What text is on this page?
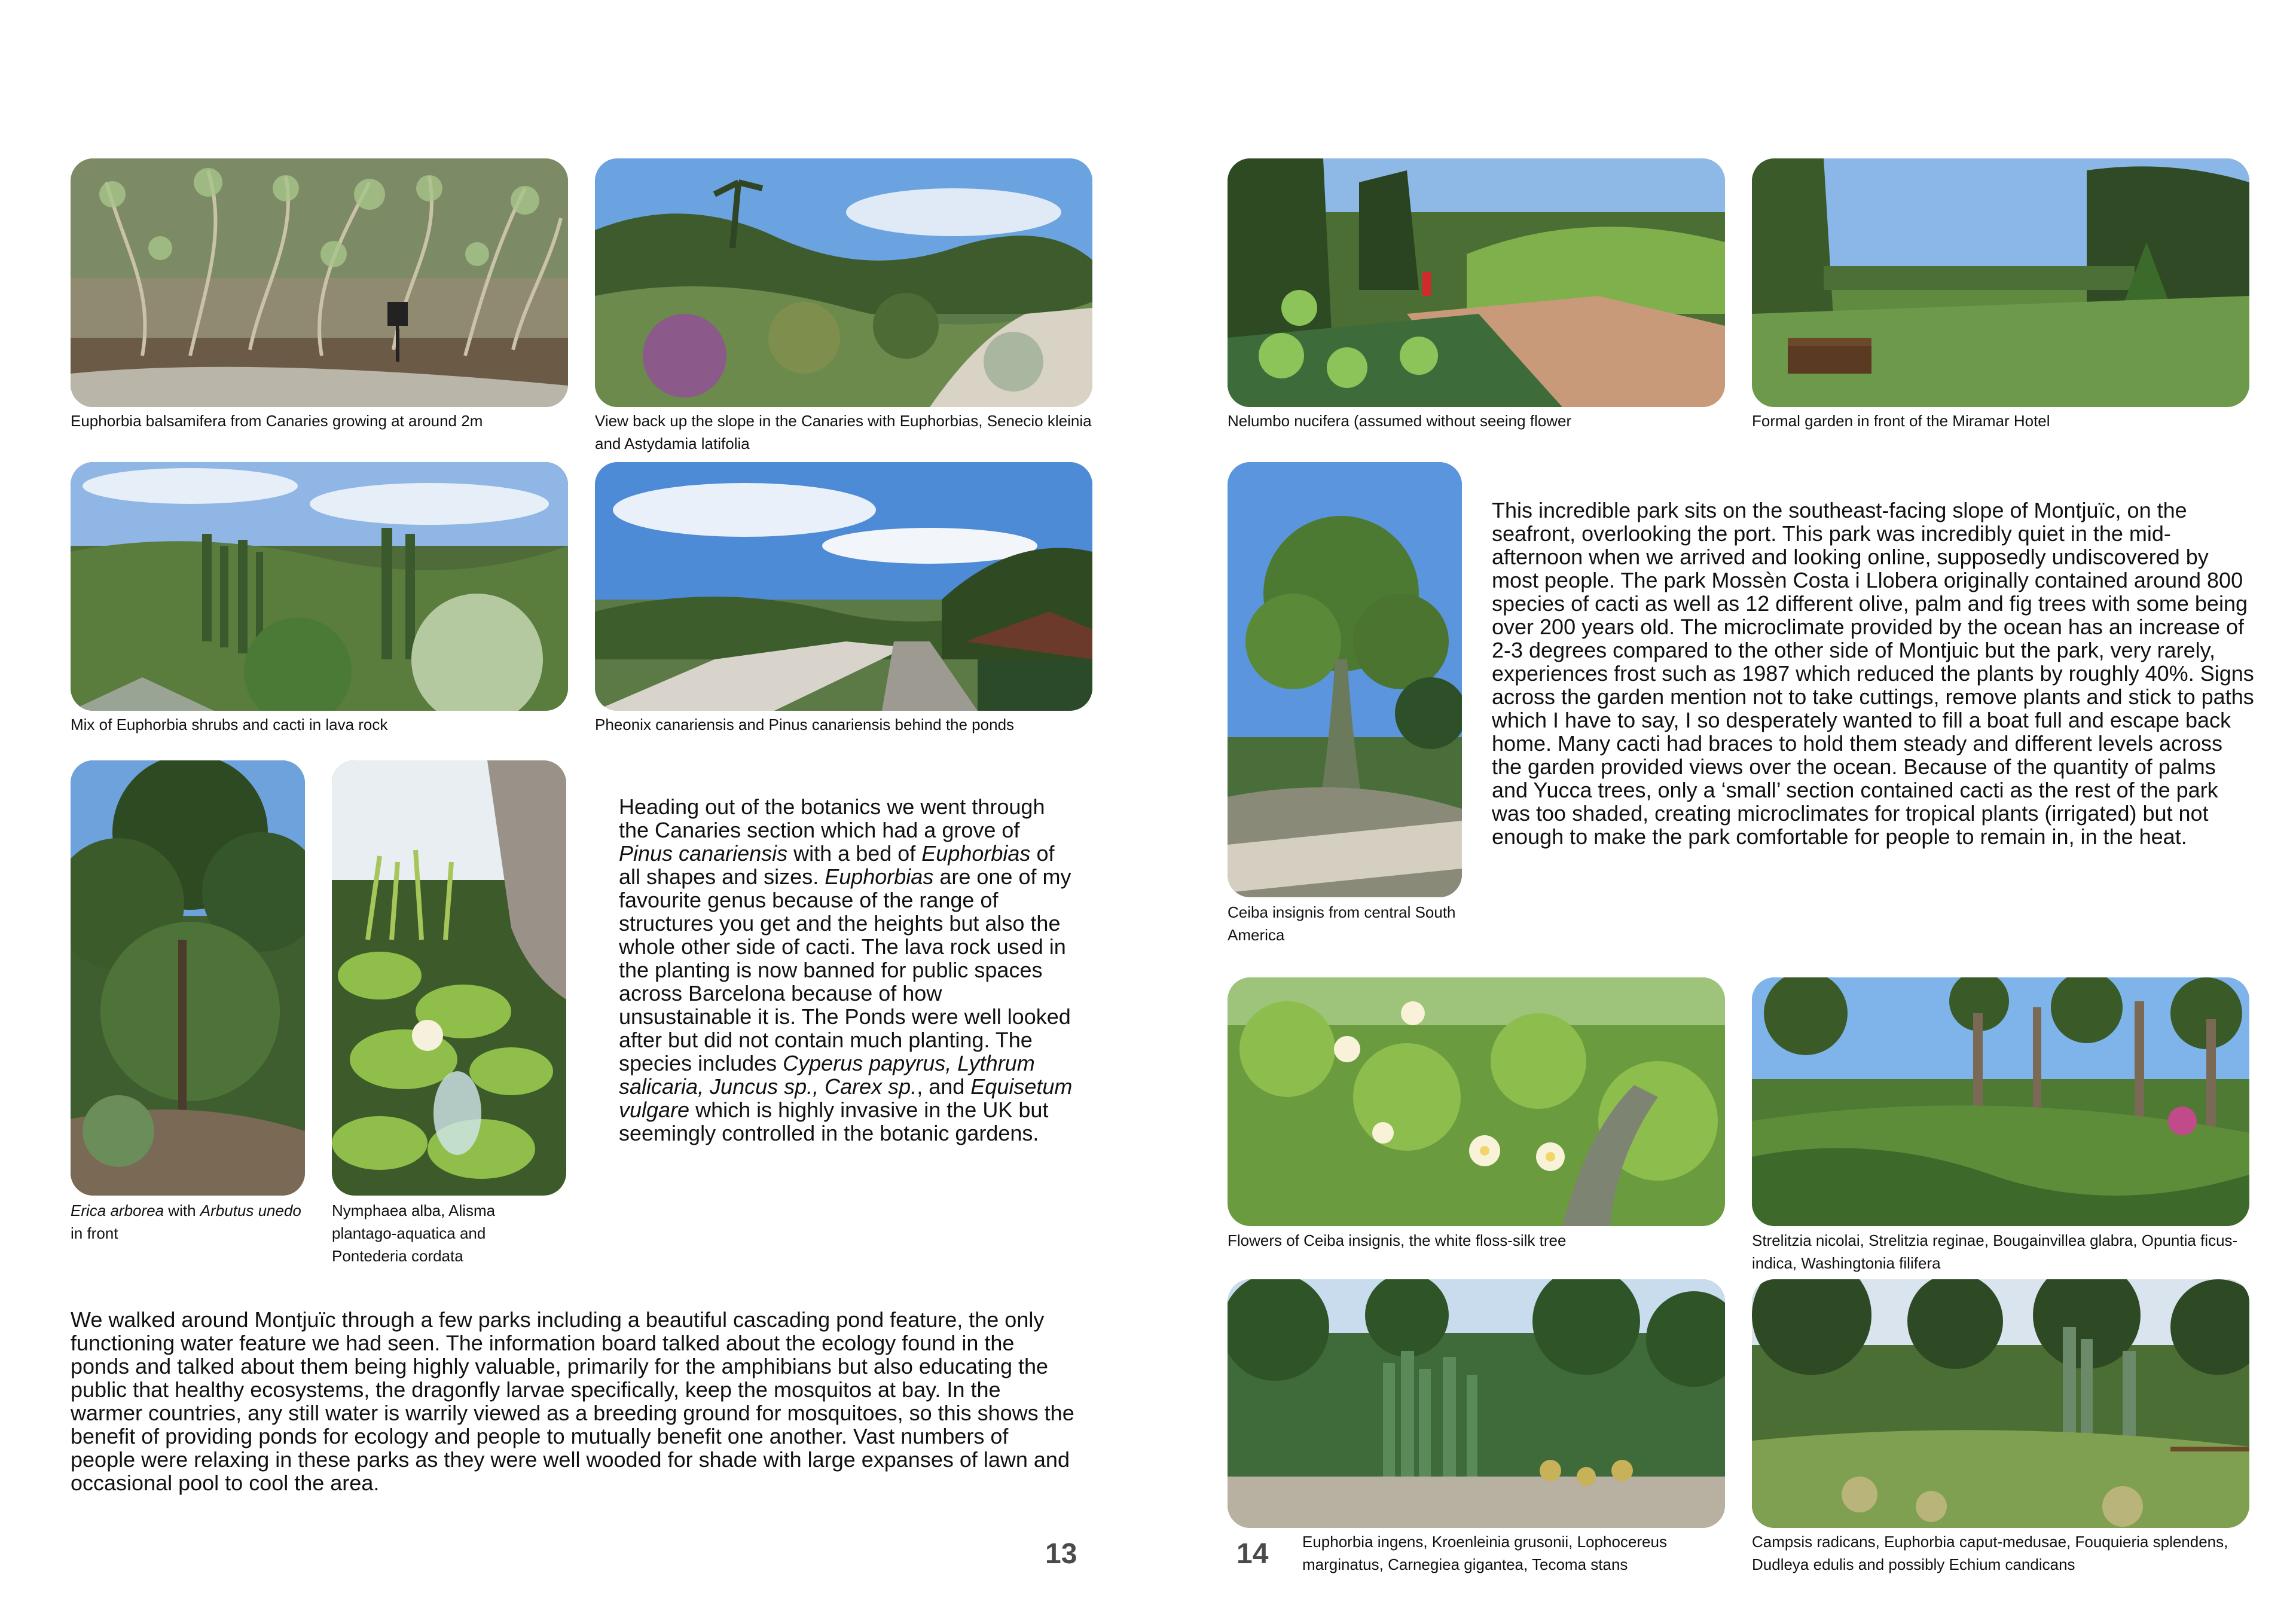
Euphorbia balsamifera from Canaries growing at around 2m	View back up the slope in the Canaries with Euphorbias, Senecio kleinia and Astydamia latifolia
Mix of Euphorbia shrubs and cacti in lava rock	Pheonix canariensis and Pinus canariensis behind the ponds
Erica arborea with Arbutus unedo in front
Nymphaea alba, Alisma plantago-aquatica and Pontederia cordata
Heading out of the botanics we went through the Canaries section which had a grove of Pinus canariensis with a bed of Euphorbias of all shapes and sizes. Euphorbias are one of my favourite genus because of the range of structures you get and the heights but also the whole other side of cacti. The lava rock used in the planting is now banned for public spaces across Barcelona because of how unsustainable it is. The Ponds were well looked after but did not contain much planting. The species includes Cyperus papyrus, Lythrum salicaria, Juncus sp., Carex sp., and Equisetum vulgare which is highly invasive in the UK but seemingly controlled in the botanic gardens.
We walked around Montjuïc through a few parks including a beautiful cascading pond feature, the only functioning water feature we had seen. The information board talked about the ecology found in the ponds and talked about them being highly valuable, primarily for the amphibians but also educating the public that healthy ecosystems, the dragonfly larvae specifically, keep the mosquitos at bay. In the warmer countries, any still water is warrily viewed as a breeding ground for mosquitoes, so this shows the benefit of providing ponds for ecology and people to mutually benefit one another. Vast numbers of people were relaxing in these parks as they were well wooded for shade with large expanses of lawn and occasional pool to cool the area.
13
Nelumbo nucifera (assumed without seeing flower	Formal garden in front of the Miramar Hotel
Ceiba insignis from central South America
This incredible park sits on the southeast-facing slope of Montjuïc, on the seafront, overlooking the port. This park was incredibly quiet in the mid-afternoon when we arrived and looking online, supposedly undiscovered by most people. The park Mossèn Costa i Llobera originally contained around 800 species of cacti as well as 12 different olive, palm and fig trees with some being over 200 years old. The microclimate provided by the ocean has an increase of 2-3 degrees compared to the other side of Montjuic but the park, very rarely, experiences frost such as 1987 which reduced the plants by roughly 40%. Signs across the garden mention not to take cuttings, remove plants and stick to paths which I have to say, I so desperately wanted to fill a boat full and escape back home. Many cacti had braces to hold them steady and different levels across the garden provided views over the ocean. Because of the quantity of palms and Yucca trees, only a ‘small’ section contained cacti as the rest of the park was too shaded, creating microclimates for tropical plants (irrigated) but not enough to make the park comfortable for people to remain in, in the heat.
Flowers of Ceiba insignis, the white floss-silk tree	Strelitzia nicolai, Strelitzia reginae, Bougainvillea glabra, Opuntia ficus-indica, Washingtonia filifera
Euphorbia ingens, Kroenleinia grusonii, Lophocereus marginatus, Carnegiea gigantea, Tecoma stans
14	Campsis radicans, Euphorbia caput-medusae, Fouquieria splendens, Dudleya edulis and possibly Echium candicans
